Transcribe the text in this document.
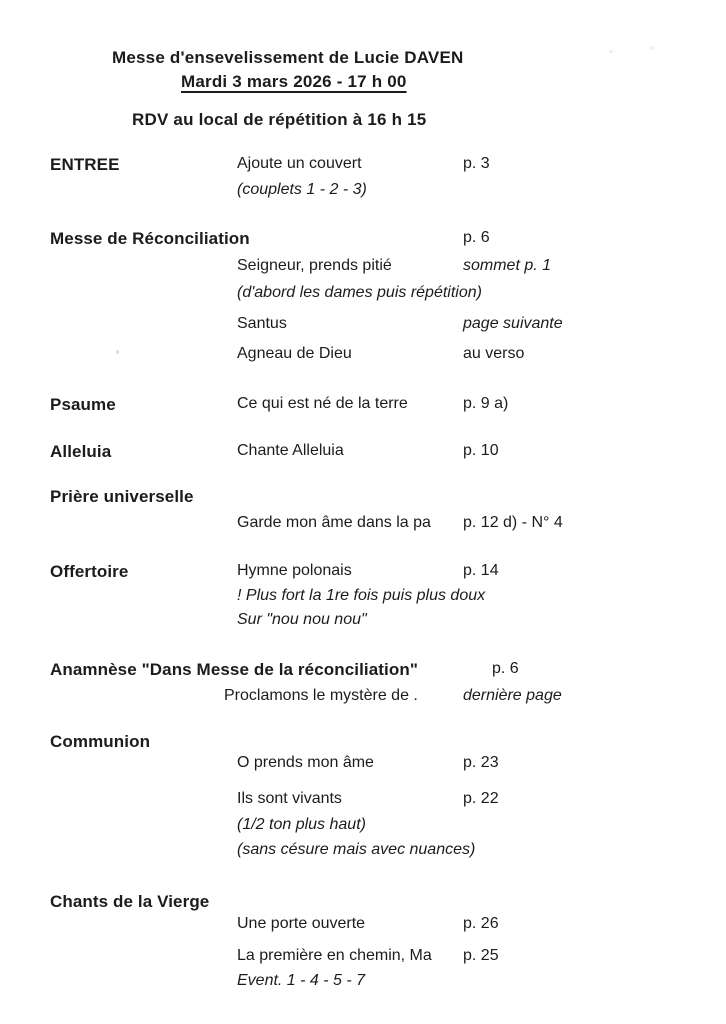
Messe d'ensevelissement de Lucie DAVEN
Mardi 3 mars 2026 - 17 h 00
RDV au local de répétition à 16 h 15
ENTREE	Ajoute un couvert	p. 3
(couplets 1 - 2 - 3)
Messe de Réconciliation	p. 6
Seigneur, prends pitié	sommet p. 1
(d'abord les dames puis répétition)
Santus	page suivante
Agneau de Dieu	au verso
Psaume	Ce qui est né de la terre	p. 9 a)
Alleluia	Chante Alleluia	p. 10
Prière universelle
Garde mon âme dans la pa p. 12 d) - N° 4
Offertoire	Hymne polonais	p. 14
! Plus fort la 1re fois puis plus doux
Sur "nou nou nou"
Anamnèse "Dans Messe de la réconciliation"	p. 6
Proclamons le mystère de .	dernière page
Communion
O prends mon âme	p. 23
Ils sont vivants	p. 22
(1/2 ton plus haut)
(sans césure mais avec nuances)
Chants de la Vierge
Une porte ouverte	p. 26
La première en chemin, Ma p. 25
Event. 1 - 4 - 5 - 7
